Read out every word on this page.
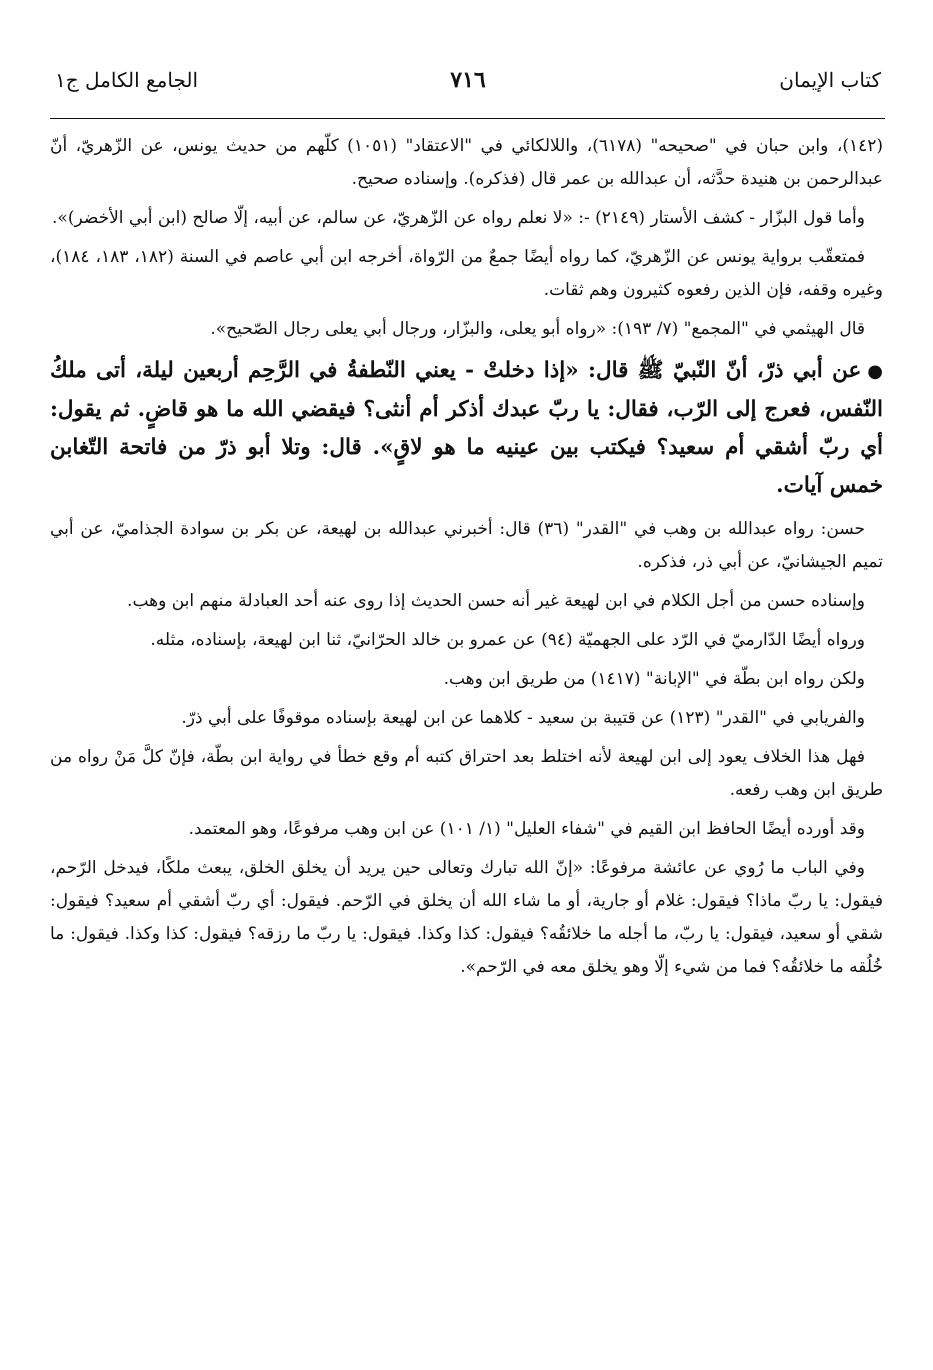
كتاب الإيمان
٧١٦
الجامع الكامل ج١

(١٤٢)، وابن حبان في "صحيحه" (٦١٧٨)، واللالكائي في "الاعتقاد" (١٠٥١) كلّهم من حديث يونس، عن الزّهريّ، أنّ عبدالرحمن بن هنيدة حدَّثه، أن عبدالله بن عمر قال (فذكره). وإسناده صحيح.

وأما قول البزّار - كشف الأستار (٢١٤٩) -: «لا نعلم رواه عن الزّهريّ، عن سالم، عن أبيه، إلّا صالح (ابن أبي الأخضر)».

فمتعقّب برواية يونس عن الزّهريّ، كما رواه أيضًا جمعٌ من الرّواة، أخرجه ابن أبي عاصم في السنة (١٨٢، ١٨٣، ١٨٤)، وغيره وقفه، فإن الذين رفعوه كثيرون وهم ثقات.

قال الهيثمي في "المجمع" (٧/ ١٩٣): «رواه أبو يعلى، والبزّار، ورجال أبي يعلى رجال الصّحيح».

●عن أبي ذرّ، أنّ النّبيّ ﷺ قال: «إذا دخلتْ - يعني النّطفةُ في الرَّحِم أربعين ليلة، أتى ملكُ النّفس، فعرج إلى الرّب، فقال: يا ربّ عبدك أذكر أم أنثى؟ فيقضي الله ما هو قاضٍ. ثم يقول: أي ربّ أشقي أم سعيد؟ فيكتب بين عينيه ما هو لاقٍ». قال: وتلا أبو ذرّ من فاتحة التّغابن خمس آيات.

حسن: رواه عبدالله بن وهب في "القدر" (٣٦) قال: أخبرني عبدالله بن لهيعة، عن بكر بن سوادة الجذاميّ، عن أبي تميم الجيشانيّ، عن أبي ذر، فذكره.

وإسناده حسن من أجل الكلام في ابن لهيعة غير أنه حسن الحديث إذا روى عنه أحد العبادلة منهم ابن وهب.

ورواه أيضًا الدّارميّ في الرّد على الجهميّة (٩٤) عن عمرو بن خالد الحرّانيّ، ثنا ابن لهيعة، بإسناده، مثله.

ولكن رواه ابن بطّة في "الإبانة" (١٤١٧) من طريق ابن وهب.

والفريابي في "القدر" (١٢٣) عن قتيبة بن سعيد - كلاهما عن ابن لهيعة بإسناده موقوفًا على أبي ذرّ.

فهل هذا الخلاف يعود إلى ابن لهيعة لأنه اختلط بعد احتراق كتبه أم وقع خطأ في رواية ابن بطّة، فإنّ كلَّ مَنْ رواه من طريق ابن وهب رفعه.

وقد أورده أيضًا الحافظ ابن القيم في "شفاء العليل" (١/ ١٠١) عن ابن وهب مرفوعًا، وهو المعتمد.

وفي الباب ما رُوي عن عائشة مرفوعًا: «إنّ الله تبارك وتعالى حين يريد أن يخلق الخلق، يبعث ملكًا، فيدخل الرّحم، فيقول: يا ربّ ماذا؟ فيقول: غلام أو جارية، أو ما شاء الله أن يخلق في الرّحم. فيقول: أي ربّ أشقي أم سعيد؟ فيقول: شقي أو سعيد، فيقول: يا ربّ، ما أجله ما خلائقُه؟ فيقول: كذا وكذا. فيقول: يا ربّ ما رزقه؟ فيقول: كذا وكذا. فيقول: ما خُلُقه ما خلائقُه؟ فما من شيء إلّا وهو يخلق معه في الرّحم».
